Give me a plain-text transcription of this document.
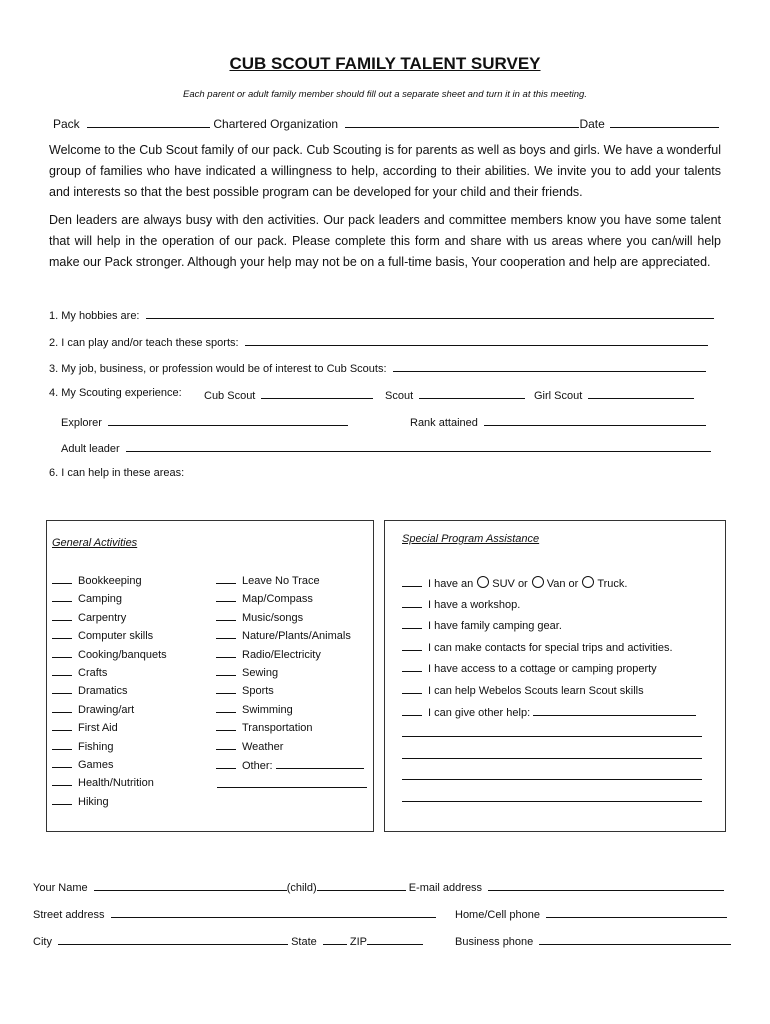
CUB SCOUT FAMILY TALENT SURVEY
Each parent or adult family member should fill out a separate sheet and turn it in at this meeting.
Pack	Chartered Organization	Date
Welcome to the Cub Scout family of our pack. Cub Scouting is for parents as well as boys and girls. We have a wonderful group of families who have indicated a willingness to help, according to their abilities. We invite you to add your talents and interests so that the best possible program can be developed for your child and their friends.
Den leaders are always busy with den activities. Our pack leaders and committee members know you have some talent that will help in the operation of our pack. Please complete this form and share with us areas where you can/will help make our Pack stronger. Although your help may not be on a full-time basis, Your cooperation and help are appreciated.
1. My hobbies are:
2. I can play and/or teach these sports:
3. My job, business, or profession would be of interest to Cub Scouts:
4. My Scouting experience: Cub Scout	Scout	Girl Scout
Explorer	Rank attained
Adult leader
6. I can help in these areas:
General Activities
Bookkeeping
Camping
Carpentry
Computer skills
Cooking/banquets
Crafts
Dramatics
Drawing/art
First Aid
Fishing
Games
Health/Nutrition
Hiking
Leave No Trace
Map/Compass
Music/songs
Nature/Plants/Animals
Radio/Electricity
Sewing
Sports
Swimming
Transportation
Weather
Other:
Special Program Assistance
I have an SUV or Van or Truck.
I have a workshop.
I have family camping gear.
I can make contacts for special trips and activities.
I have access to a cottage or camping property
I can help Webelos Scouts learn Scout skills
I can give other help:
Your Name	(child)	E-mail address
Street address	Home/Cell phone
City	State	ZIP	Business phone
